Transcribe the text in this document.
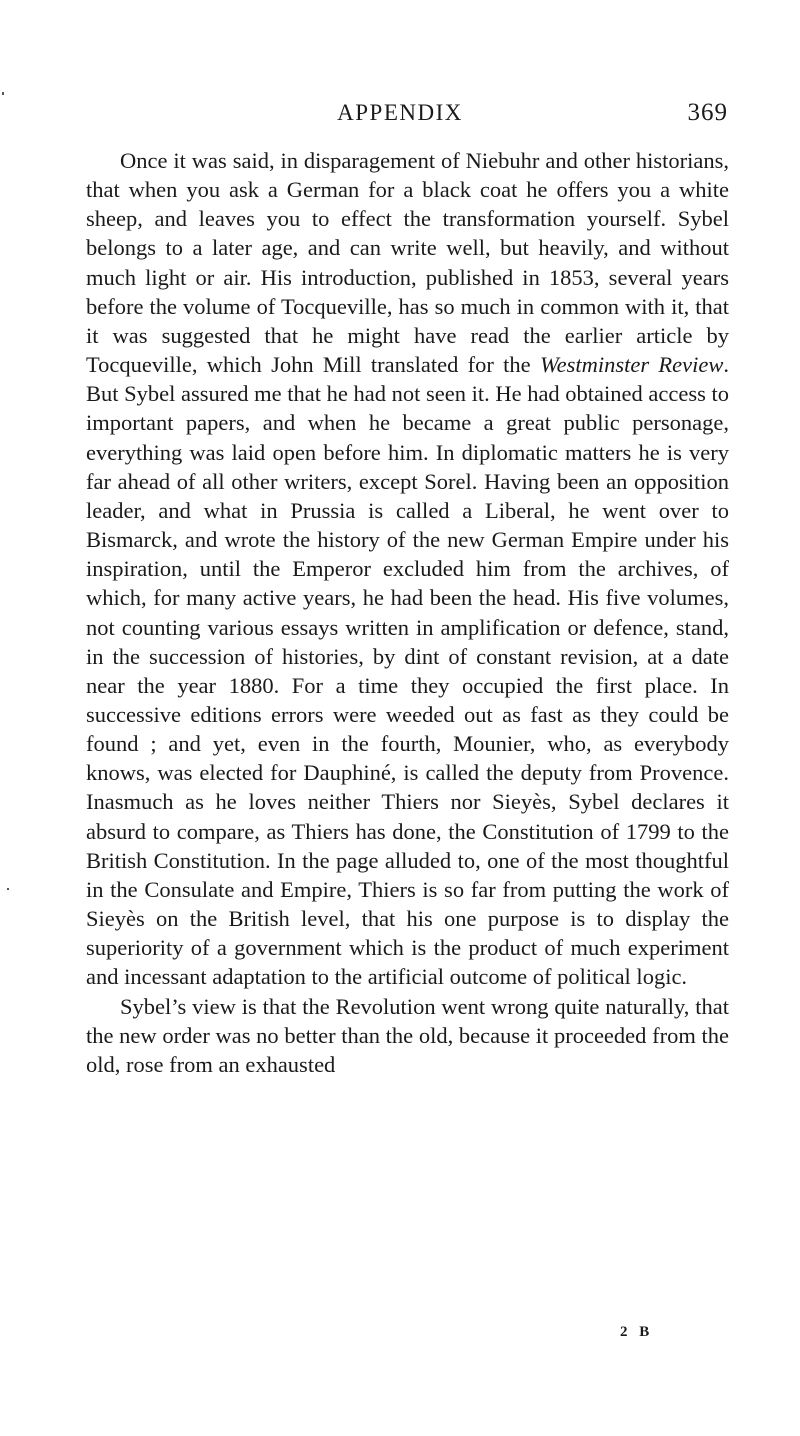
APPENDIX	369

Once it was said, in disparagement of Niebuhr and other historians, that when you ask a German for a black coat he offers you a white sheep, and leaves you to effect the transformation yourself. Sybel belongs to a later age, and can write well, but heavily, and without much light or air. His introduction, published in 1853, several years before the volume of Tocqueville, has so much in common with it, that it was suggested that he might have read the earlier article by Tocqueville, which John Mill translated for the Westminster Review. But Sybel assured me that he had not seen it. He had obtained access to important papers, and when he became a great public personage, everything was laid open before him. In diplomatic matters he is very far ahead of all other writers, except Sorel. Having been an opposition leader, and what in Prussia is called a Liberal, he went over to Bismarck, and wrote the history of the new German Empire under his inspiration, until the Emperor excluded him from the archives, of which, for many active years, he had been the head. His five volumes, not counting various essays written in amplification or defence, stand, in the succession of histories, by dint of constant revision, at a date near the year 1880. For a time they occupied the first place. In successive editions errors were weeded out as fast as they could be found ; and yet, even in the fourth, Mounier, who, as everybody knows, was elected for Dauphiné, is called the deputy from Provence. Inasmuch as he loves neither Thiers nor Sieyès, Sybel declares it absurd to compare, as Thiers has done, the Constitution of 1799 to the British Constitution. In the page alluded to, one of the most thoughtful in the Consulate and Empire, Thiers is so far from putting the work of Sieyès on the British level, that his one purpose is to display the superiority of a government which is the product of much experiment and incessant adaptation to the artificial outcome of political logic.

Sybel’s view is that the Revolution went wrong quite naturally, that the new order was no better than the old, because it proceeded from the old, rose from an exhausted

2 B
